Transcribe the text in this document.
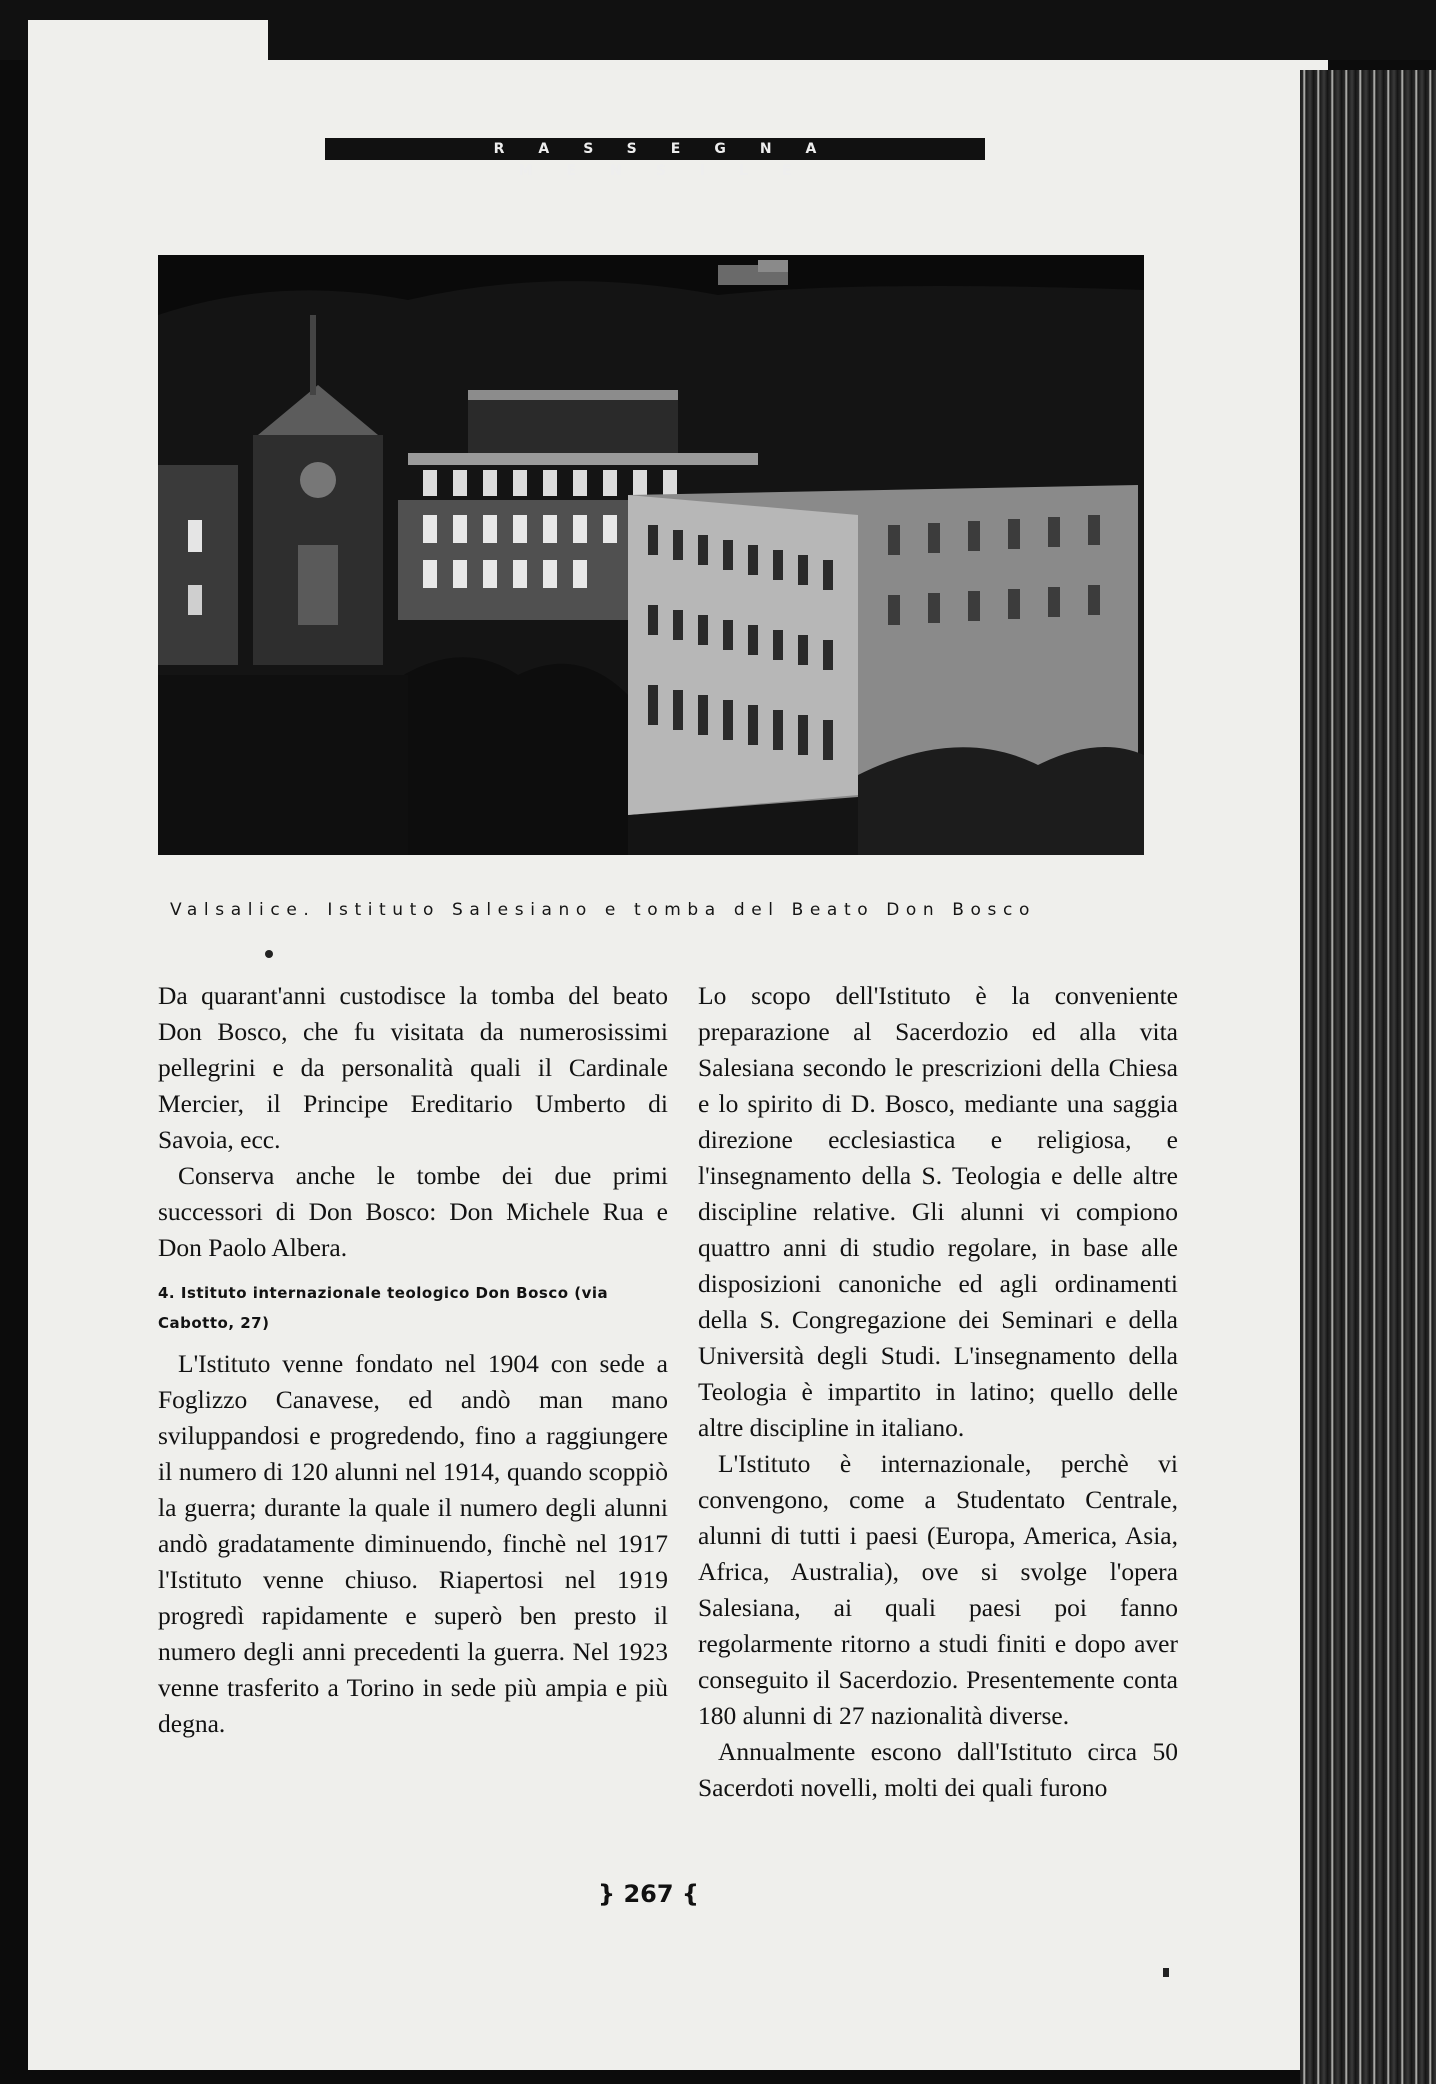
RASSEGNA MENSILE
Valsalice. Istituto Salesiano e tomba del Beato Don Bosco

Da quarant'anni custodisce la tomba del beato Don Bosco, che fu visitata da numerosissimi pellegrini e da personalità quali il Cardinale Mercier, il Principe Ereditario Umberto di Savoia, ecc.

Conserva anche le tombe dei due primi successori di Don Bosco: Don Michele Rua e Don Paolo Albera.

4. Istituto internazionale teologico Don Bosco (via Cabotto, 27)

L'Istituto venne fondato nel 1904 con sede a Foglizzo Canavese, ed andò man mano sviluppandosi e progredendo, fino a raggiungere il numero di 120 alunni nel 1914, quando scoppiò la guerra; durante la quale il numero degli alunni andò gradatamente diminuendo, finchè nel 1917 l'Istituto venne chiuso. Riapertosi nel 1919 progredì rapidamente e superò ben presto il numero degli anni precedenti la guerra. Nel 1923 venne trasferito a Torino in sede più ampia e più degna.

Lo scopo dell'Istituto è la conveniente preparazione al Sacerdozio ed alla vita Salesiana secondo le prescrizioni della Chiesa e lo spirito di D. Bosco, mediante una saggia direzione ecclesiastica e religiosa, e l'insegnamento della S. Teologia e delle altre discipline relative. Gli alunni vi compiono quattro anni di studio regolare, in base alle disposizioni canoniche ed agli ordinamenti della S. Congregazione dei Seminari e della Università degli Studi. L'insegnamento della Teologia è impartito in latino; quello delle altre discipline in italiano.

L'Istituto è internazionale, perchè vi convengono, come a Studentato Centrale, alunni di tutti i paesi (Europa, America, Asia, Africa, Australia), ove si svolge l'opera Salesiana, ai quali paesi poi fanno regolarmente ritorno a studi finiti e dopo aver conseguito il Sacerdozio. Presentemente conta 180 alunni di 27 nazionalità diverse.

Annualmente escono dall'Istituto circa 50 Sacerdoti novelli, molti dei quali furono

} 267 {
